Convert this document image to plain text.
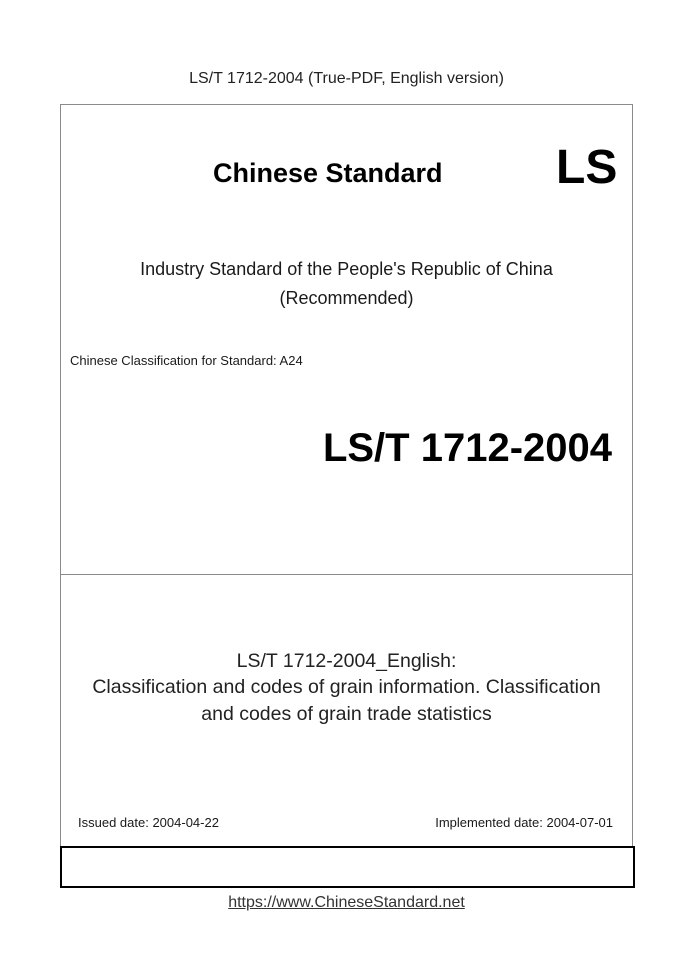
LS/T 1712-2004 (True-PDF, English version)
Chinese Standard LS
Industry Standard of the People's Republic of China
(Recommended)
Chinese Classification for Standard: A24
LS/T 1712-2004
LS/T 1712-2004_English:
Classification and codes of grain information. Classification
and codes of grain trade statistics
Issued date: 2004-04-22	Implemented date: 2004-07-01
https://www.ChineseStandard.net
